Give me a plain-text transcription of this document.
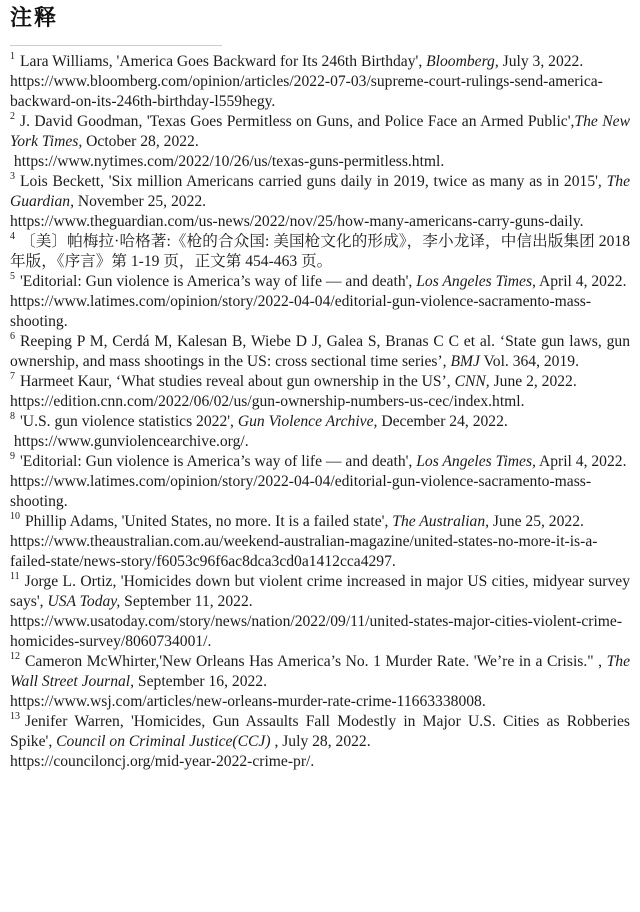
注释

$^1$ Lara Williams, 'America Goes Backward for Its 246th Birthday', Bloomberg, July 3, 2022.
https://www.bloomberg.com/opinion/articles/2022-07-03/supreme-court-rulings-send-america-backward-on-its-246th-birthday-l559hegy.

$^2$ J. David Goodman, 'Texas Goes Permitless on Guns, and Police Face an Armed Public',The New York Times, October 28, 2022.
https://www.nytimes.com/2022/10/26/us/texas-guns-permitless.html.

$^3$ Lois Beckett, 'Six million Americans carried guns daily in 2019, twice as many as in 2015', The Guardian, November 25, 2022.
https://www.theguardian.com/us-news/2022/nov/25/how-many-americans-carry-guns-daily.

$^4$ 〔美〕帕梅拉·哈格著:《枪的合众国: 美国枪文化的形成》，李小龙译，中信出版集团 2018 年版，《序言》第 1-19 页，正文第 454-463 页。

$^5$ 'Editorial: Gun violence is America’s way of life — and death', Los Angeles Times, April 4, 2022.
https://www.latimes.com/opinion/story/2022-04-04/editorial-gun-violence-sacramento-mass-shooting.

$^6$ Reeping P M, Cerdá M, Kalesan B, Wiebe D J, Galea S, Branas C C et al. ‘State gun laws, gun ownership, and mass shootings in the US: cross sectional time series’, BMJ Vol. 364, 2019.

$^7$ Harmeet Kaur, ‘What studies reveal about gun ownership in the US’, CNN, June 2, 2022.
https://edition.cnn.com/2022/06/02/us/gun-ownership-numbers-us-cec/index.html.

$^8$ 'U.S. gun violence statistics 2022', Gun Violence Archive, December 24, 2022.
https://www.gunviolencearchive.org/.

$^9$ 'Editorial: Gun violence is America’s way of life — and death', Los Angeles Times, April 4, 2022.
https://www.latimes.com/opinion/story/2022-04-04/editorial-gun-violence-sacramento-mass-shooting.

$^{10}$ Phillip Adams, 'United States, no more. It is a failed state', The Australian, June 25, 2022.
https://www.theaustralian.com.au/weekend-australian-magazine/united-states-no-more-it-is-a-failed-state/news-story/f6053c96f6ac8dca3cd0a1412cca4297.

$^{11}$ Jorge L. Ortiz, 'Homicides down but violent crime increased in major US cities, midyear survey says', USA Today, September 11, 2022.
https://www.usatoday.com/story/news/nation/2022/09/11/united-states-major-cities-violent-crime-homicides-survey/8060734001/.

$^{12}$ Cameron McWhirter,'New Orleans Has America’s No. 1 Murder Rate. 'We’re in a Crisis." , The Wall Street Journal, September 16, 2022.
https://www.wsj.com/articles/new-orleans-murder-rate-crime-11663338008.

$^{13}$ Jenifer Warren, 'Homicides, Gun Assaults Fall Modestly in Major U.S. Cities as Robberies Spike', Council on Criminal Justice(CCJ) , July 28, 2022.
https://counciloncj.org/mid-year-2022-crime-pr/.
